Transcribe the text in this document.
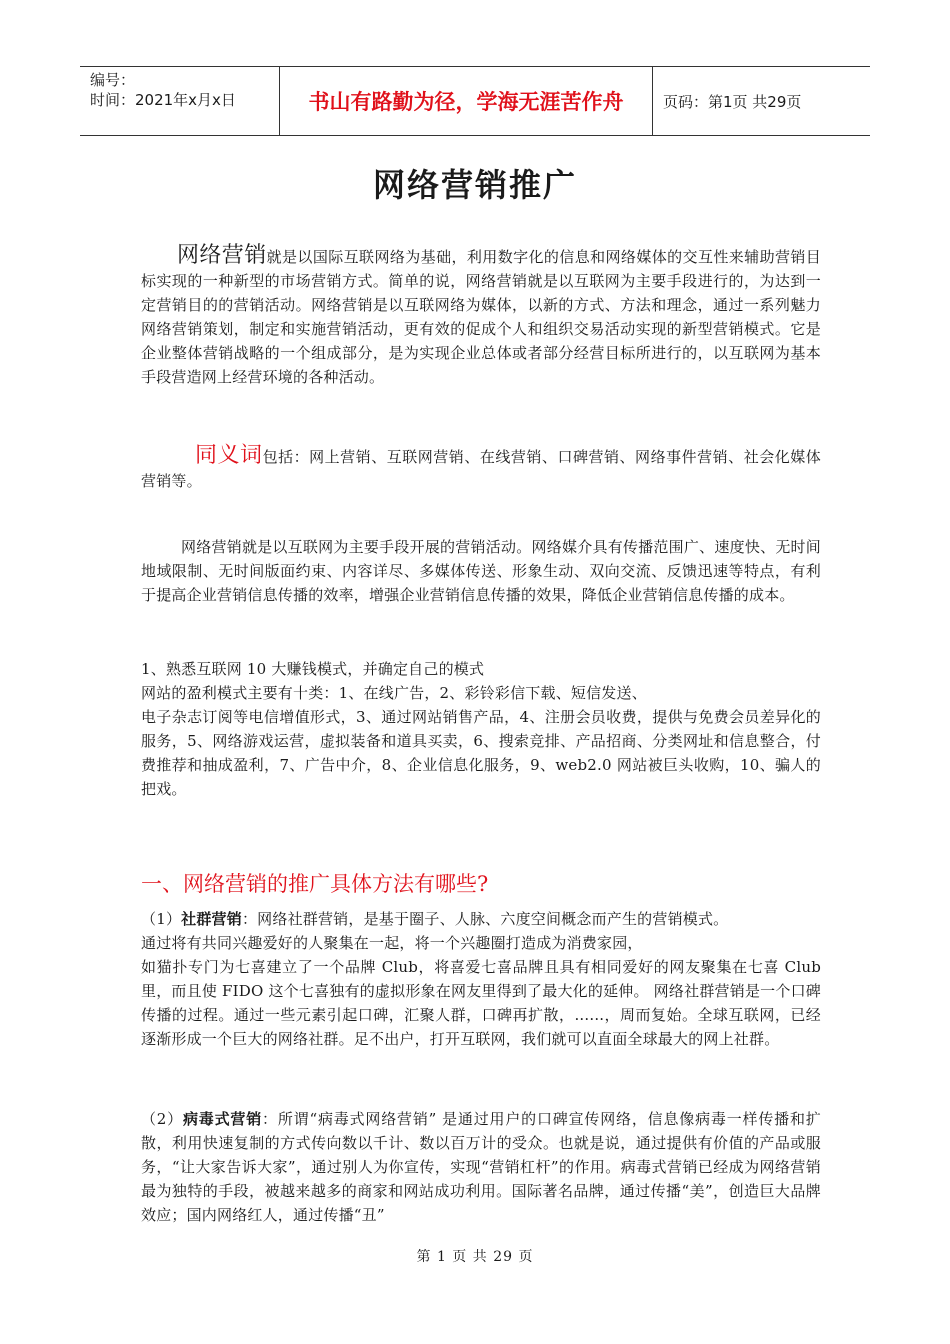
编号：
时间：2021年x月x日	书山有路勤为径，学海无涯苦作舟	页码：第1页 共29页
网络营销推广
网络营销就是以国际互联网络为基础，利用数字化的信息和网络媒体的交互性来辅助营销目标实现的一种新型的市场营销方式。简单的说，网络营销就是以互联网为主要手段进行的，为达到一定营销目的的营销活动。网络营销是以互联网络为媒体，以新的方式、方法和理念，通过一系列魅力网络营销策划，制定和实施营销活动，更有效的促成个人和组织交易活动实现的新型营销模式。它是企业整体营销战略的一个组成部分，是为实现企业总体或者部分经营目标所进行的，以互联网为基本手段营造网上经营环境的各种活动。
同义词包括：网上营销、互联网营销、在线营销、口碑营销、网络事件营销、社会化媒体营销等。
网络营销就是以互联网为主要手段开展的营销活动。网络媒介具有传播范围广、速度快、无时间地域限制、无时间版面约束、内容详尽、多媒体传送、形象生动、双向交流、反馈迅速等特点，有利于提高企业营销信息传播的效率，增强企业营销信息传播的效果，降低企业营销信息传播的成本。
1、熟悉互联网 10 大赚钱模式，并确定自己的模式
网站的盈利模式主要有十类：1、在线广告，2、彩铃彩信下载、短信发送、
电子杂志订阅等电信增值形式，3、通过网站销售产品，4、注册会员收费，提供与免费会员差异化的服务，5、网络游戏运营，虚拟装备和道具买卖，6、搜索竞排、产品招商、分类网址和信息整合，付费推荐和抽成盈利，7、广告中介，8、企业信息化服务，9、web2.0 网站被巨头收购，10、骗人的把戏。
一、网络营销的推广具体方法有哪些?
（1）社群营销：网络社群营销，是基于圈子、人脉、六度空间概念而产生的营销模式。
通过将有共同兴趣爱好的人聚集在一起，将一个兴趣圈打造成为消费家园，
如猫扑专门为七喜建立了一个品牌 Club，将喜爱七喜品牌且具有相同爱好的网友聚集在七喜 Club 里，而且使 FIDO 这个七喜独有的虚拟形象在网友里得到了最大化的延伸。 网络社群营销是一个口碑传播的过程。通过一些元素引起口碑，汇聚人群，口碑再扩散，......，周而复始。全球互联网，已经逐渐形成一个巨大的网络社群。足不出户，打开互联网，我们就可以直面全球最大的网上社群。
（2）病毒式营销：所谓“病毒式网络营销” 是通过用户的口碑宣传网络，信息像病毒一样传播和扩散，利用快速复制的方式传向数以千计、数以百万计的受众。也就是说，通过提供有价值的产品或服务，“让大家告诉大家”，通过别人为你宣传，实现“营销杠杆”的作用。病毒式营销已经成为网络营销最为独特的手段，被越来越多的商家和网站成功利用。国际著名品牌，通过传播“美”，创造巨大品牌效应；国内网络红人，通过传播“丑”
第 1 页 共 29 页
